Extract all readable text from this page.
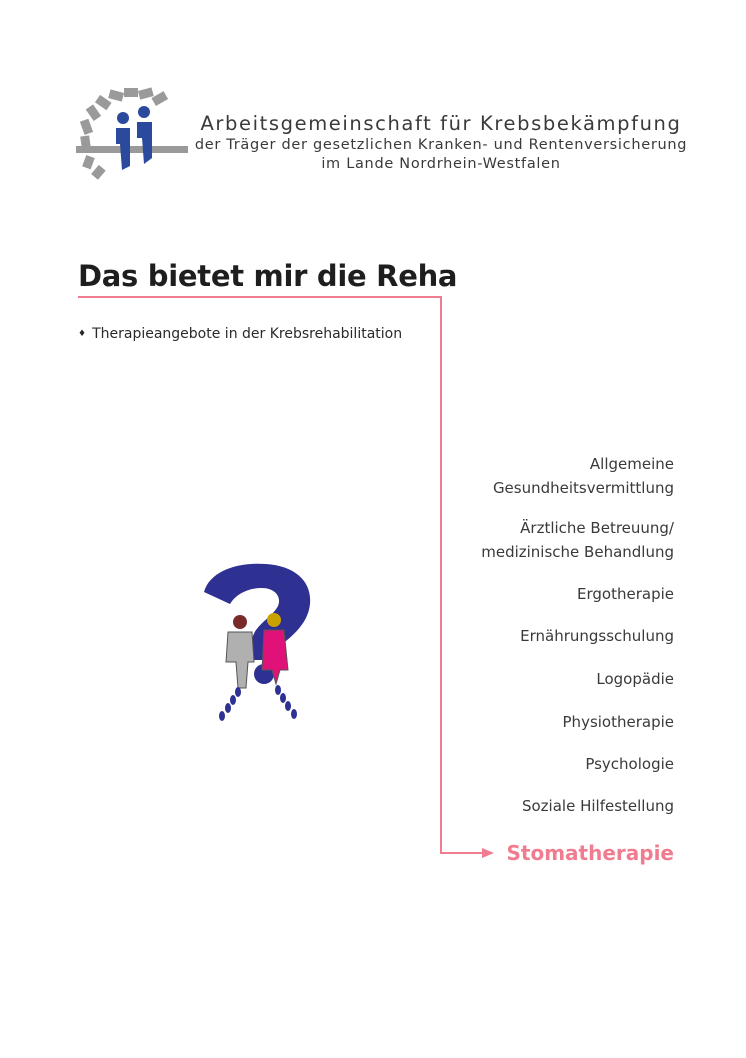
Arbeitsgemeinschaft für Krebsbekämpfung
der Träger der gesetzlichen Kranken- und Rentenversicherung
im Lande Nordrhein-Westfalen
Das bietet mir die Reha
♦ Therapieangebote in der Krebsrehabilitation
Allgemeine
Gesundheitsvermittlung
Ärztliche Betreuung/
medizinische Behandlung
Ergotherapie
Ernährungsschulung
Logopädie
Physiotherapie
Psychologie
Soziale Hilfestellung
Stomatherapie
